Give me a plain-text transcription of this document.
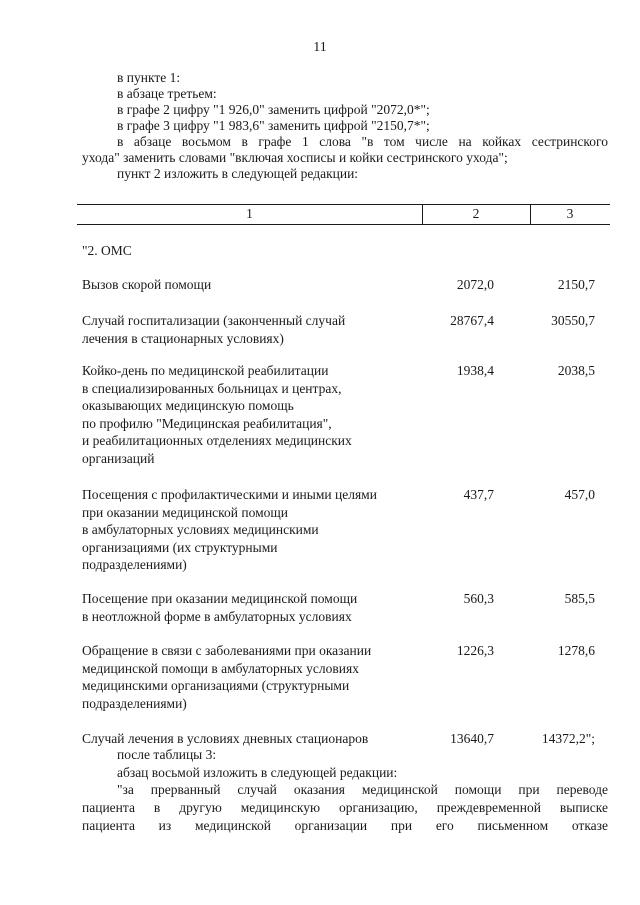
11
в пункте 1:
в абзаце третьем:
в графе 2 цифру "1 926,0" заменить цифрой "2072,0*";
в графе 3 цифру "1 983,6" заменить цифрой "2150,7*";
в абзаце восьмом в графе 1 слова "в том числе на койках сестринского
ухода" заменить словами "включая хосписы и койки сестринского ухода";
пункт 2 изложить в следующей редакции:
1	2	3
"2. ОМС
Вызов скорой помощи	2072,0	2150,7
Случай госпитализации (законченный случай
лечения в стационарных условиях)
28767,4	30550,7
Койко-день по медицинской реабилитации
в специализированных больницах и центрах,
оказывающих медицинскую помощь
по профилю "Медицинская реабилитация",
и реабилитационных отделениях медицинских
организаций
1938,4	2038,5
Посещения с профилактическими и иными целями
при оказании медицинской помощи
в амбулаторных условиях медицинскими
организациями (их структурными
подразделениями)
437,7	457,0
Посещение при оказании медицинской помощи
в неотложной форме в амбулаторных условиях
560,3	585,5
Обращение в связи с заболеваниями при оказании
медицинской помощи в амбулаторных условиях
медицинскими организациями (структурными
подразделениями)
1226,3	1278,6
Случай лечения в условиях дневных стационаров	13640,7	14372,2";
после таблицы 3:
абзац восьмой изложить в следующей редакции:
"за прерванный случай оказания медицинской помощи при переводе
пациента в другую медицинскую организацию, преждевременной выписке
пациента из медицинской организации при его письменном отказе
